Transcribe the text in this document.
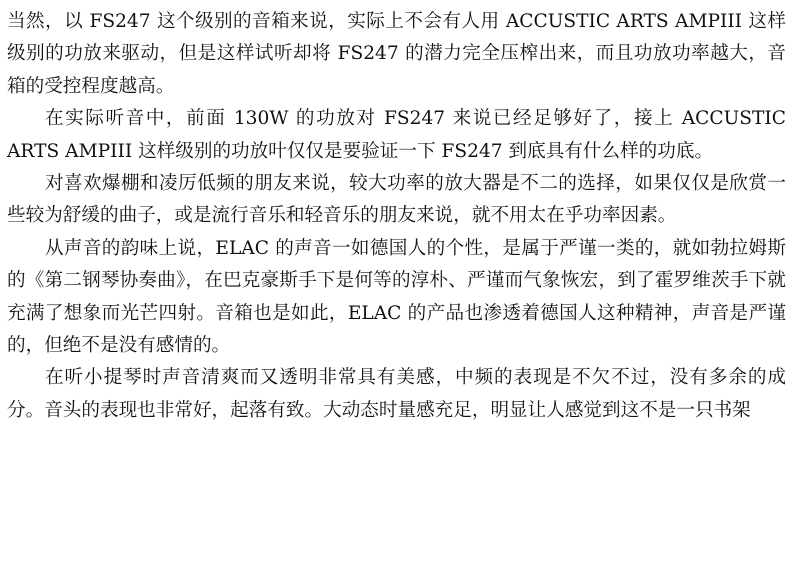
当然，以 FS247 这个级别的音箱来说，实际上不会有人用 ACCUSTIC ARTS AMPIII 这样级别的功放来驱动，但是这样试听却将 FS247 的潜力完全压榨出来，而且功放功率越大，音箱的受控程度越高。

在实际听音中，前面 130W 的功放对 FS247 来说已经足够好了，接上 ACCUSTIC ARTS AMPIII 这样级别的功放叶仅仅是要验证一下 FS247 到底具有什么样的功底。

对喜欢爆棚和凌厉低频的朋友来说，较大功率的放大器是不二的选择，如果仅仅是欣赏一些较为舒缓的曲子，或是流行音乐和轻音乐的朋友来说，就不用太在乎功率因素。

从声音的韵味上说，ELAC 的声音一如德国人的个性，是属于严谨一类的，就如勃拉姆斯的《第二钢琴协奏曲》，在巴克豪斯手下是何等的淳朴、严谨而气象恢宏，到了霍罗维茨手下就充满了想象而光芒四射。音箱也是如此，ELAC 的产品也渗透着德国人这种精神，声音是严谨的，但绝不是没有感情的。

在听小提琴时声音清爽而又透明非常具有美感，中频的表现是不欠不过，没有多余的成分。音头的表现也非常好，起落有致。大动态时量感充足，明显让人感觉到这不是一只书架
